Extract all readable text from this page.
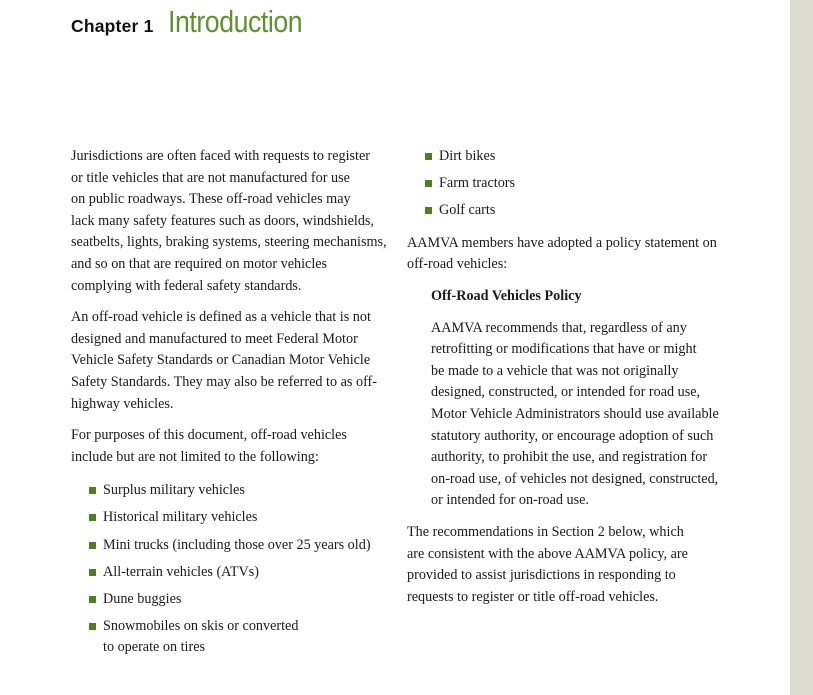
Chapter 1 Introduction

Jurisdictions are often faced with requests to register
or title vehicles that are not manufactured for use
on public roadways. These off-road vehicles may
lack many safety features such as doors, windshields,
seatbelts, lights, braking systems, steering mechanisms,
and so on that are required on motor vehicles
complying with federal safety standards.

An off-road vehicle is defined as a vehicle that is not
designed and manufactured to meet Federal Motor
Vehicle Safety Standards or Canadian Motor Vehicle
Safety Standards. They may also be referred to as off-
highway vehicles.

For purposes of this document, off-road vehicles
include but are not limited to the following:

Surplus military vehicles
Historical military vehicles
Mini trucks (including those over 25 years old)
All-terrain vehicles (ATVs)
Dune buggies
Snowmobiles on skis or converted
to operate on tires
Dirt bikes
Farm tractors
Golf carts

AAMVA members have adopted a policy statement on
off-road vehicles:

Off-Road Vehicles Policy

AAMVA recommends that, regardless of any
retrofitting or modifications that have or might
be made to a vehicle that was not originally
designed, constructed, or intended for road use,
Motor Vehicle Administrators should use available
statutory authority, or encourage adoption of such
authority, to prohibit the use, and registration for
on-road use, of vehicles not designed, constructed,
or intended for on-road use.

The recommendations in Section 2 below, which
are consistent with the above AAMVA policy, are
provided to assist jurisdictions in responding to
requests to register or title off-road vehicles.
